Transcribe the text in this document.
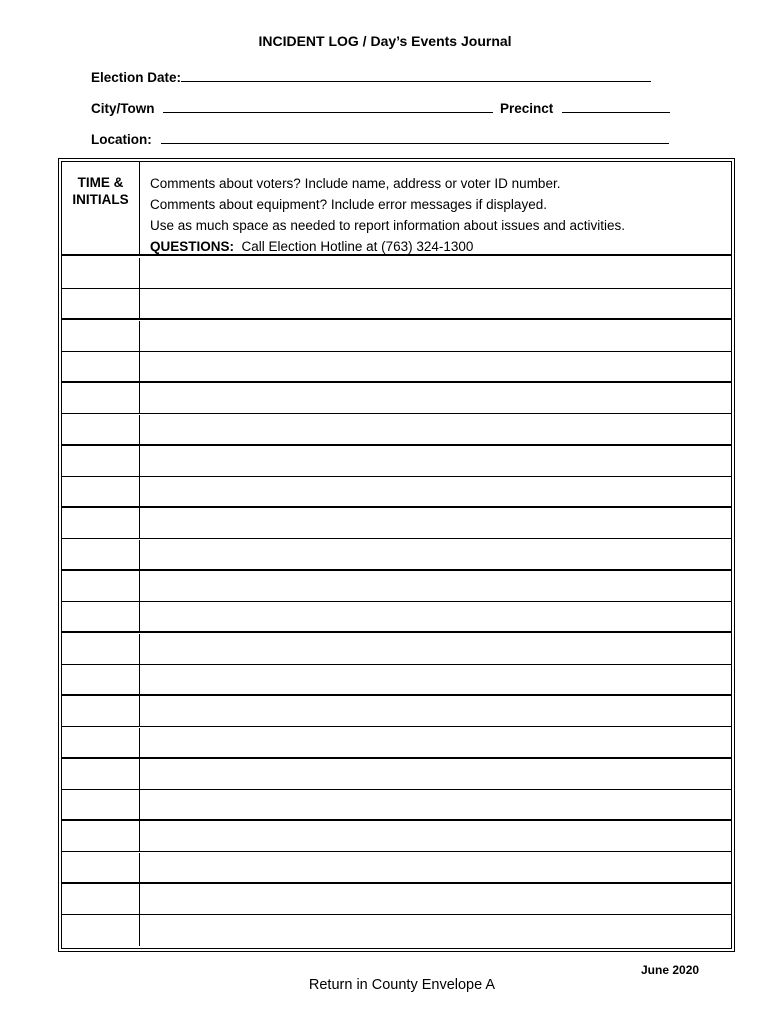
INCIDENT LOG / Day’s Events Journal
Election Date:
City/Town	Precinct
Location:
TIME &
INITIALS
Comments about voters? Include name, address or voter ID number.
Comments about equipment? Include error messages if displayed.
Use as much space as needed to report information about issues and activities.
QUESTIONS: Call Election Hotline at (763) 324-1300
June 2020
Return in County Envelope A
